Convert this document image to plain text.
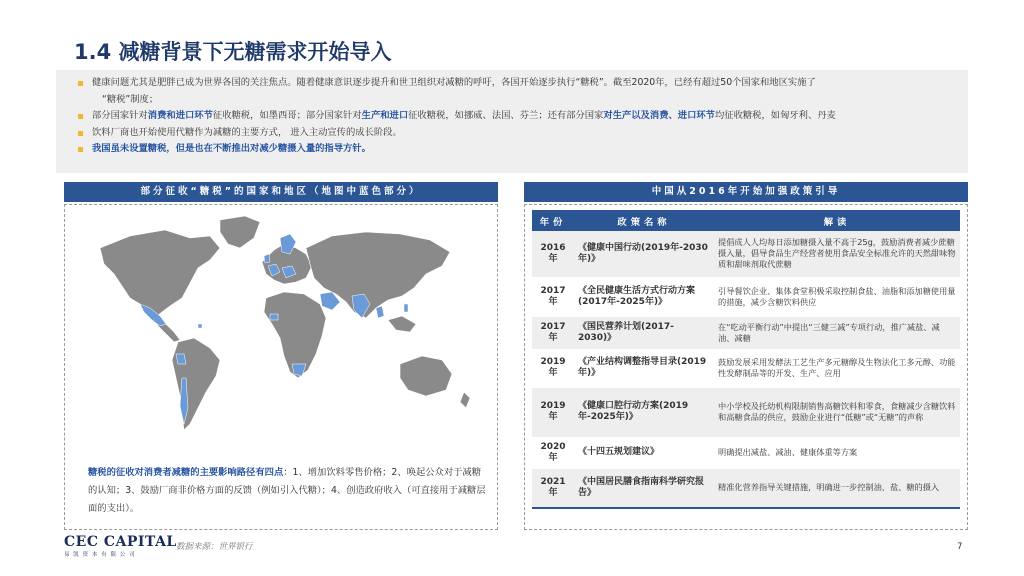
1.4 减糖背景下无糖需求开始导入
健康问题尤其是肥胖已成为世界各国的关注焦点。随着健康意识逐步提升和世卫组织对减糖的呼吁，各国开始逐步执行“糖税”。截至2020年，已经有超过50个国家和地区实施了
“糖税”制度；
部分国家针对消费和进口环节征收糖税，如墨西哥；部分国家针对生产和进口征收糖税，如挪威、法国、芬兰；还有部分国家对生产以及消费、进口环节均征收糖税，如匈牙利、丹麦
饮料厂商也开始使用代糖作为减糖的主要方式， 进入主动宣传的成长阶段。
我国虽未设置糖税，但是也在不断推出对减少糖摄入量的指导方针。
部分征收“糖税”的国家和地区（地图中蓝色部分）
糖税的征收对消费者减糖的主要影响路径有四点：1、增加饮料零售价格；2、唤起公众对于减糖的认知；3、鼓励厂商非价格方面的反馈（例如引入代糖）；4、创造政府收入（可直接用于减糖层面的支出）。
中国从2016年开始加强政策引导
年份	政策名称	解读
2016年	《健康中国行动(2019年-2030年)》	提倡成人人均每日添加糖摄入量不高于25g，鼓励消费者减少蔗糖摄入量，倡导食品生产经营者使用食品安全标准允许的天然甜味物质和甜味剂取代蔗糖
2017年	《全民健康生活方式行动方案(2017年-2025年)》	引导餐饮企业、集体食堂积极采取控制食盐、油脂和添加糖使用量的措施，减少含糖饮料供应
2017年	《国民营养计划(2017- 2030)》	在“吃动平衡行动”中提出“三健三减”专项行动，推广减盐、减油、减糖
2019年	《产业结构调整指导目录(2019年)》	鼓励发展采用发酵法工艺生产多元糖醇及生物法化工多元醇、功能性发酵制品等的开发、生产、应用
2019年	《健康口腔行动方案(2019年-2025年)》	中小学校及托幼机构限制销售高糖饮料和零食，食糖减少含糖饮料和高糖食品的供应，鼓励企业进行“低糖”或“无糖”的声称
2020年	《十四五规划建议》	明确提出减盐、减油、健康体重等方案
2021年	《中国居民膳食指南科学研究报告》	精准化营养指导关键措施，明确进一步控制油、盐、糖的摄入
CEC CAPITAL
易凯资本有限公司
数据来源：世界银行	7
